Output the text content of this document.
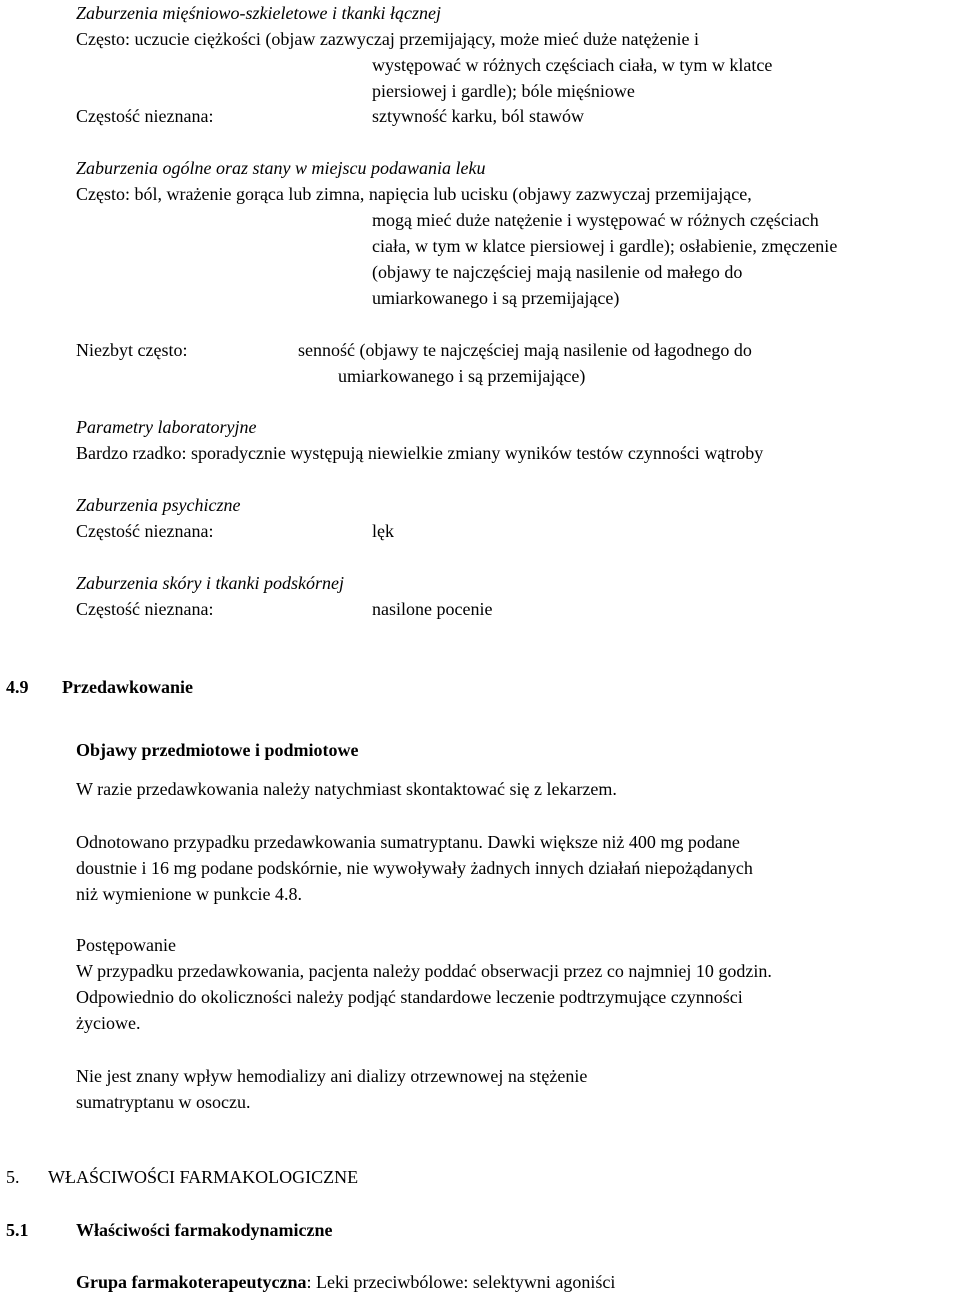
Zaburzenia mięśniowo-szkieletowe i tkanki łącznej
Często: uczucie ciężkości (objaw zazwyczaj przemijający, może mieć duże natężenie i
występować w różnych częściach ciała, w tym w klatce
piersiowej i gardle); bóle mięśniowe
Częstość nieznana:	sztywność karku, ból stawów
Zaburzenia ogólne oraz stany w miejscu podawania leku
Często: ból, wrażenie gorąca lub zimna, napięcia lub ucisku (objawy zazwyczaj przemijające,
mogą mieć duże natężenie i występować w różnych częściach
ciała, w tym w klatce piersiowej i gardle); osłabienie, zmęczenie
(objawy te najczęściej mają nasilenie od małego do
umiarkowanego i są przemijające)
Niezbyt często:	senność (objawy te najczęściej mają nasilenie od łagodnego do
umiarkowanego i są przemijające)
Parametry laboratoryjne
Bardzo rzadko: sporadycznie występują niewielkie zmiany wyników testów czynności wątroby
Zaburzenia psychiczne
Częstość nieznana:	lęk
Zaburzenia skóry i tkanki podskórnej
Częstość nieznana:	nasilone pocenie
4.9 Przedawkowanie
Objawy przedmiotowe i podmiotowe
W razie przedawkowania należy natychmiast skontaktować się z lekarzem.
Odnotowano przypadku przedawkowania sumatryptanu. Dawki większe niż 400 mg podane
doustnie i 16 mg podane podskórnie, nie wywoływały żadnych innych działań niepożądanych
niż wymienione w punkcie 4.8.
Postępowanie
W przypadku przedawkowania, pacjenta należy poddać obserwacji przez co najmniej 10 godzin.
Odpowiednio do okoliczności należy podjąć standardowe leczenie podtrzymujące czynności
życiowe.
Nie jest znany wpływ hemodializy ani dializy otrzewnowej na stężenie
sumatryptanu w osoczu.
5. WŁAŚCIWOŚCI FARMAKOLOGICZNE
5.1	Właściwości farmakodynamiczne
Grupa farmakoterapeutyczna: Leki przeciwbólowe: selektywni agoniści
